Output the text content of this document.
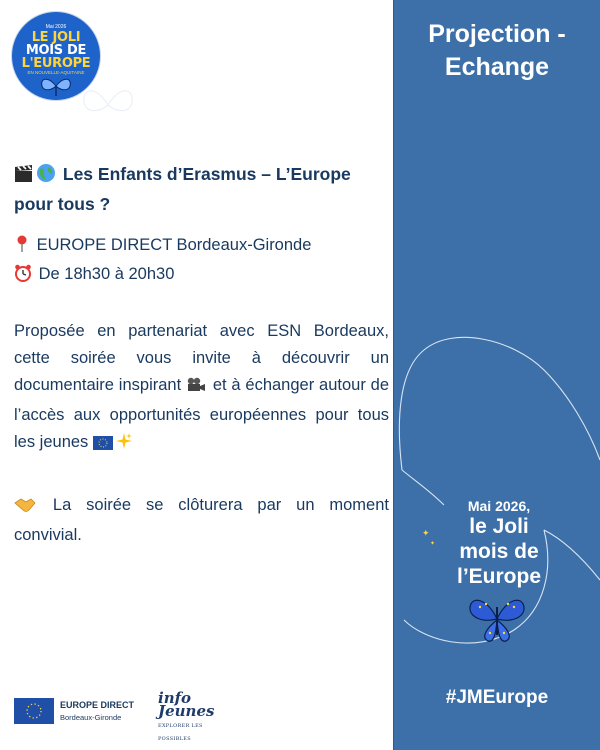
Mai 2026
LE JOLI
MOIS DE
L'EUROPE
EN NOUVELLE-AQUITAINE
Les Enfants d’Erasmus – L’Europe pour tous ?
EUROPE DIRECT Bordeaux-Gironde
De 18h30 à 20h30
Proposée en partenariat avec ESN Bordeaux, cette soirée vous invite à découvrir un documentaire inspirant et à échanger autour de l’accès aux opportunités européennes pour tous les jeunes
La soirée se clôturera par un moment convivial.
EUROPE DIRECT
Bordeaux-Gironde
info
Jeunes
EXPLORER LES POSSIBLES
Projection -
Echange
Mai 2026,
le Joli
mois de
l’Europe
✦
✦
#JMEurope
